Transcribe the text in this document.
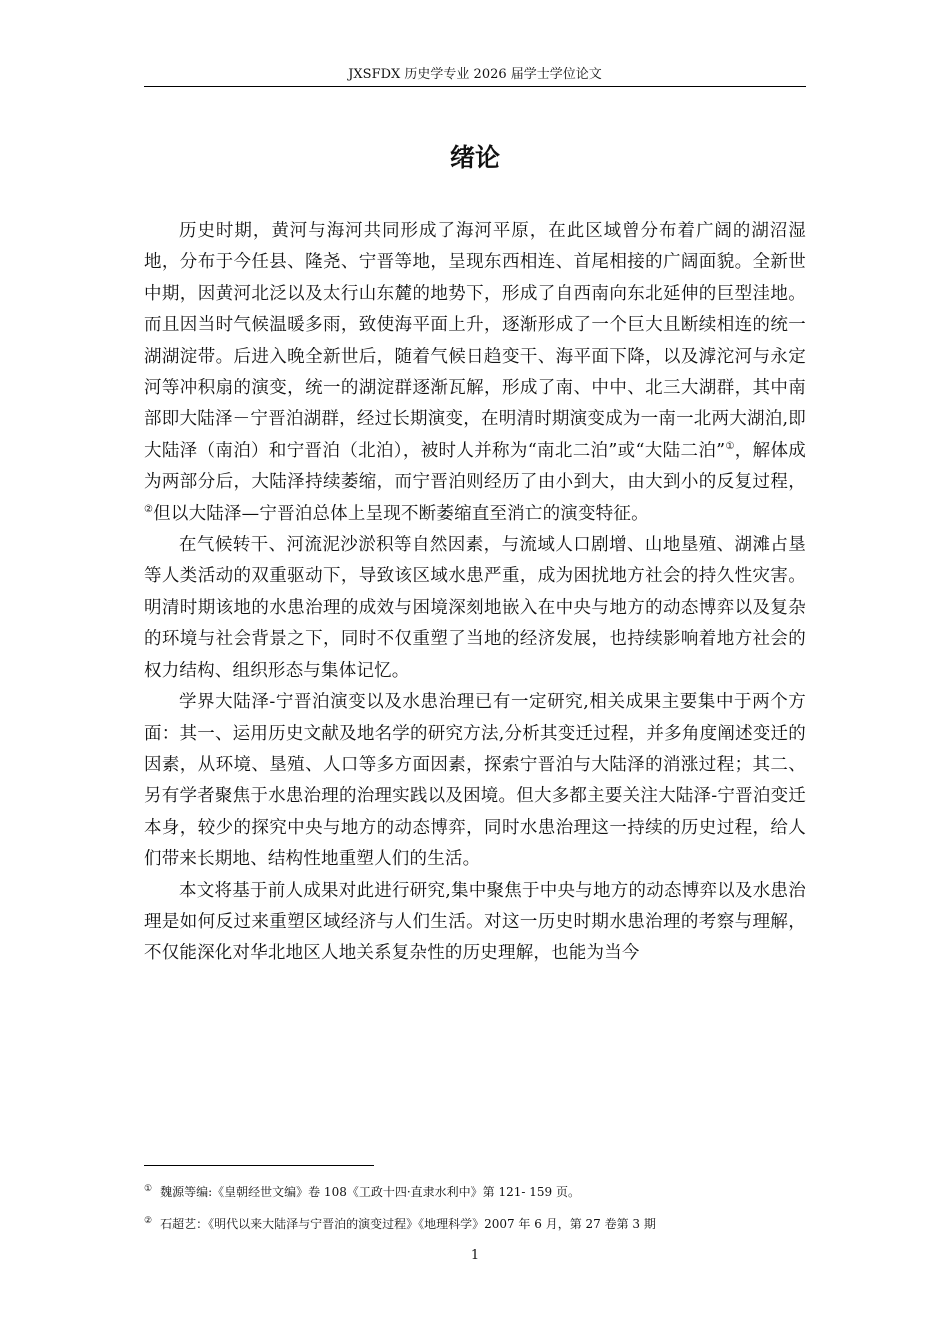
JXSFDX 历史学专业 2026 届学士学位论文
绪论

历史时期，黄河与海河共同形成了海河平原，在此区域曾分布着广阔的湖沼湿地，分布于今任县、隆尧、宁晋等地，呈现东西相连、首尾相接的广阔面貌。全新世中期，因黄河北泛以及太行山东麓的地势下，形成了自西南向东北延伸的巨型洼地。而且因当时气候温暖多雨，致使海平面上升，逐渐形成了一个巨大且断续相连的统一湖湖淀带。后进入晚全新世后，随着气候日趋变干、海平面下降，以及滹沱河与永定河等冲积扇的演变，统一的湖淀群逐渐瓦解，形成了南、中中、北三大湖群，其中南部即大陆泽－宁晋泊湖群，经过长期演变，在明清时期演变成为一南一北两大湖泊,即大陆泽（南泊）和宁晋泊（北泊），被时人并称为“南北二泊”或“大陆二泊”①，解体成为两部分后，大陆泽持续萎缩，而宁晋泊则经历了由小到大，由大到小的反复过程，②但以大陆泽—宁晋泊总体上呈现不断萎缩直至消亡的演变特征。

在气候转干、河流泥沙淤积等自然因素，与流域人口剧增、山地垦殖、湖滩占垦等人类活动的双重驱动下，导致该区域水患严重，成为困扰地方社会的持久性灾害。明清时期该地的水患治理的成效与困境深刻地嵌入在中央与地方的动态博弈以及复杂的环境与社会背景之下，同时不仅重塑了当地的经济发展，也持续影响着地方社会的权力结构、组织形态与集体记忆。

学界大陆泽-宁晋泊演变以及水患治理已有一定研究,相关成果主要集中于两个方面：其一、运用历史文献及地名学的研究方法,分析其变迁过程，并多角度阐述变迁的因素，从环境、垦殖、人口等多方面因素，探索宁晋泊与大陆泽的消涨过程；其二、另有学者聚焦于水患治理的治理实践以及困境。但大多都主要关注大陆泽-宁晋泊变迁本身，较少的探究中央与地方的动态博弈，同时水患治理这一持续的历史过程，给人们带来长期地、结构性地重塑人们的生活。

本文将基于前人成果对此进行研究,集中聚焦于中央与地方的动态博弈以及水患治理是如何反过来重塑区域经济与人们生活。对这一历史时期水患治理的考察与理解，不仅能深化对华北地区人地关系复杂性的历史理解，也能为当今

① 魏源等编:《皇朝经世文编》卷 108《工政十四·直隶水利中》第 121- 159 页。
② 石超艺：《明代以来大陆泽与宁晋泊的演变过程》《地理科学》2007 年 6 月，第 27 卷第 3 期
1
